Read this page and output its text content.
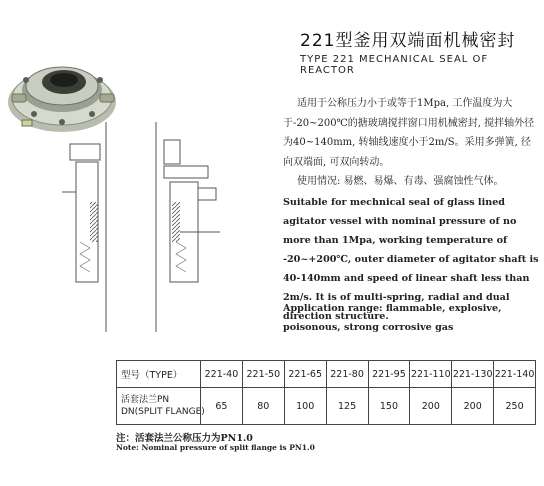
221型釜用双端面机械密封
TYPE 221 MECHANICAL SEAL OF REACTOR

适用于公称压力小于或等于1Mpa, 工作温度为大于-20~200℃的搪玻璃搅拌窗口用机械密封, 搅拌轴外径为40~140mm, 转轴线速度小于2m/S。采用多弹簧, 径向双端面, 可双向转动。

使用情况: 易燃、易爆、有毒、强腐蚀性气体。

Suitable for mechnical seal of glass lined agitator vessel with nominal pressure of no more than 1Mpa, working temperature of -20~+200℃, outer diameter of agitator shaft is 40-140mm and speed of linear shaft less than 2m/s. It is of multi-spring, radial and dual direction structure.

Application range: flammable, explosive, poisonous, strong corrosive gas

型号（TYPE）	221-40	221-50	221-65	221-80	221-95	221-110	221-130	221-140

活套法兰PN
DN(SPLIT FLANGE)	65	80	100	125	150	200	200	250
注：活套法兰公称压力为PN1.0
Note: Nominal pressure of split flange is PN1.0
